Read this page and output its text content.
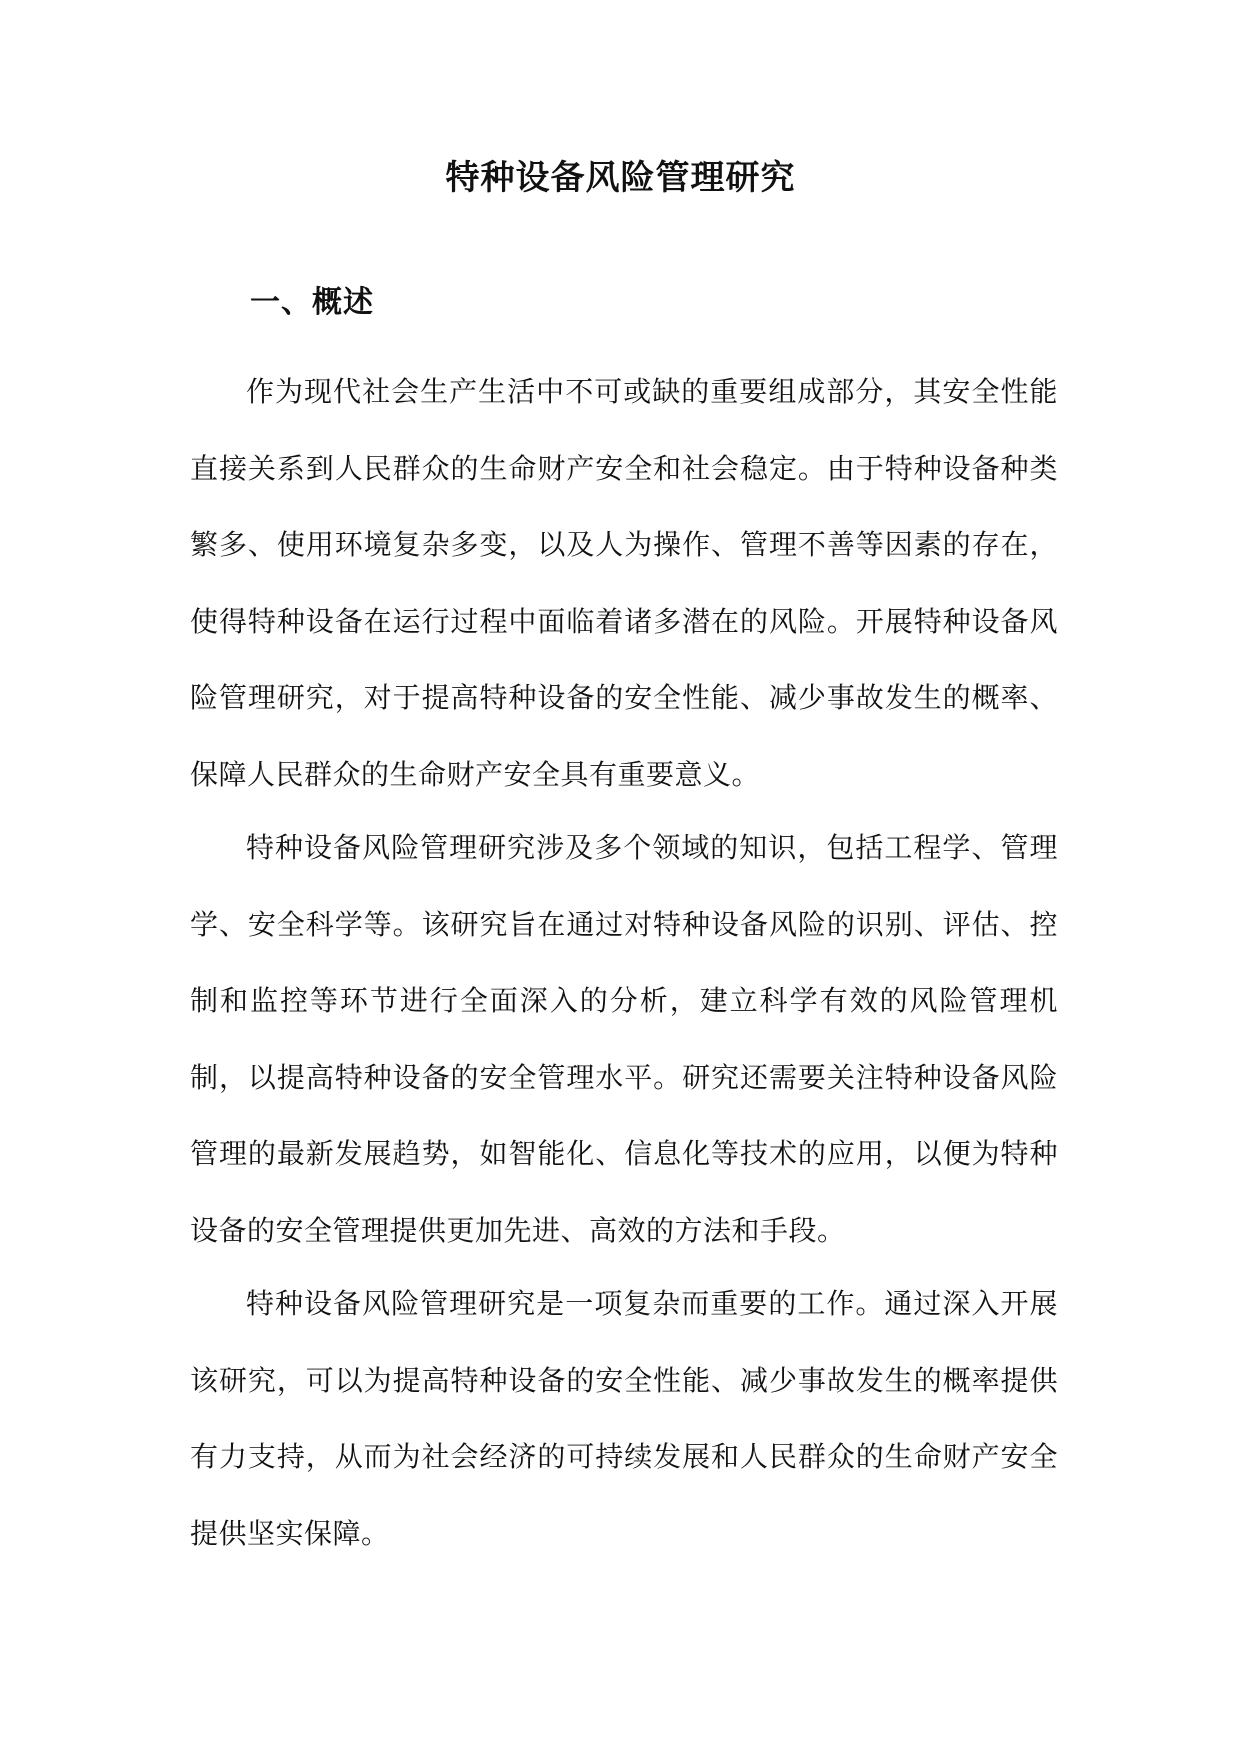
特种设备风险管理研究
一、概述

作为现代社会生产生活中不可或缺的重要组成部分，其安全性能直接关系到人民群众的生命财产安全和社会稳定。由于特种设备种类繁多、使用环境复杂多变，以及人为操作、管理不善等因素的存在，使得特种设备在运行过程中面临着诸多潜在的风险。开展特种设备风险管理研究，对于提高特种设备的安全性能、减少事故发生的概率、保障人民群众的生命财产安全具有重要意义。

特种设备风险管理研究涉及多个领域的知识，包括工程学、管理学、安全科学等。该研究旨在通过对特种设备风险的识别、评估、控制和监控等环节进行全面深入的分析，建立科学有效的风险管理机制，以提高特种设备的安全管理水平。研究还需要关注特种设备风险管理的最新发展趋势，如智能化、信息化等技术的应用，以便为特种设备的安全管理提供更加先进、高效的方法和手段。

特种设备风险管理研究是一项复杂而重要的工作。通过深入开展该研究，可以为提高特种设备的安全性能、减少事故发生的概率提供有力支持，从而为社会经济的可持续发展和人民群众的生命财产安全提供坚实保障。
